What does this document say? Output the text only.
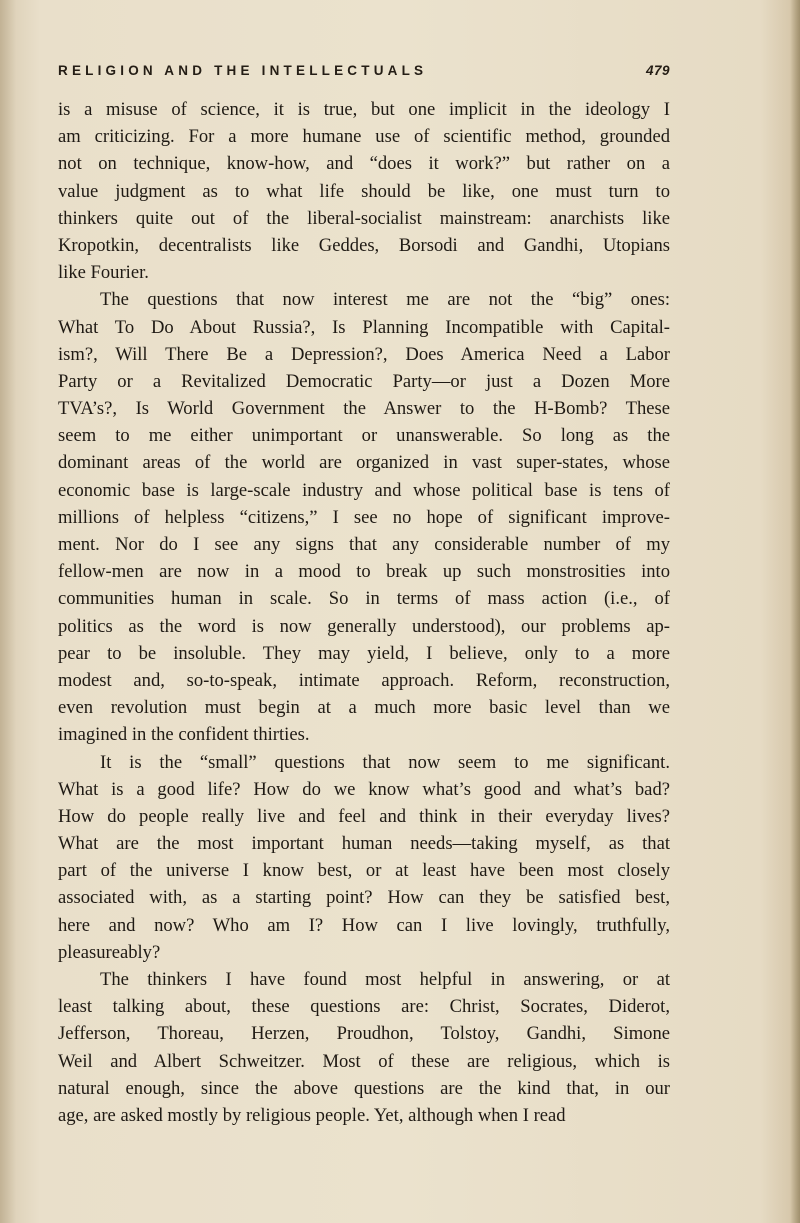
RELIGION AND THE INTELLECTUALS	479
is a misuse of science, it is true, but one implicit in the ideology I
am criticizing. For a more humane use of scientific method, grounded
not on technique, know-how, and “does it work?” but rather on a
value judgment as to what life should be like, one must turn to
thinkers quite out of the liberal-socialist mainstream: anarchists like
Kropotkin, decentralists like Geddes, Borsodi and Gandhi, Utopians
like Fourier.
The questions that now interest me are not the “big” ones:
What To Do About Russia?, Is Planning Incompatible with Capital-
ism?, Will There Be a Depression?, Does America Need a Labor
Party or a Revitalized Democratic Party—or just a Dozen More
TVA’s?, Is World Government the Answer to the H-Bomb? These
seem to me either unimportant or unanswerable. So long as the
dominant areas of the world are organized in vast super-states, whose
economic base is large-scale industry and whose political base is tens of
millions of helpless “citizens,” I see no hope of significant improve-
ment. Nor do I see any signs that any considerable number of my
fellow-men are now in a mood to break up such monstrosities into
communities human in scale. So in terms of mass action (i.e., of
politics as the word is now generally understood), our problems ap-
pear to be insoluble. They may yield, I believe, only to a more
modest and, so-to-speak, intimate approach. Reform, reconstruction,
even revolution must begin at a much more basic level than we
imagined in the confident thirties.
It is the “small” questions that now seem to me significant.
What is a good life? How do we know what’s good and what’s bad?
How do people really live and feel and think in their everyday lives?
What are the most important human needs—taking myself, as that
part of the universe I know best, or at least have been most closely
associated with, as a starting point? How can they be satisfied best,
here and now? Who am I? How can I live lovingly, truthfully,
pleasureably?
The thinkers I have found most helpful in answering, or at
least talking about, these questions are: Christ, Socrates, Diderot,
Jefferson, Thoreau, Herzen, Proudhon, Tolstoy, Gandhi, Simone
Weil and Albert Schweitzer. Most of these are religious, which is
natural enough, since the above questions are the kind that, in our
age, are asked mostly by religious people. Yet, although when I read
